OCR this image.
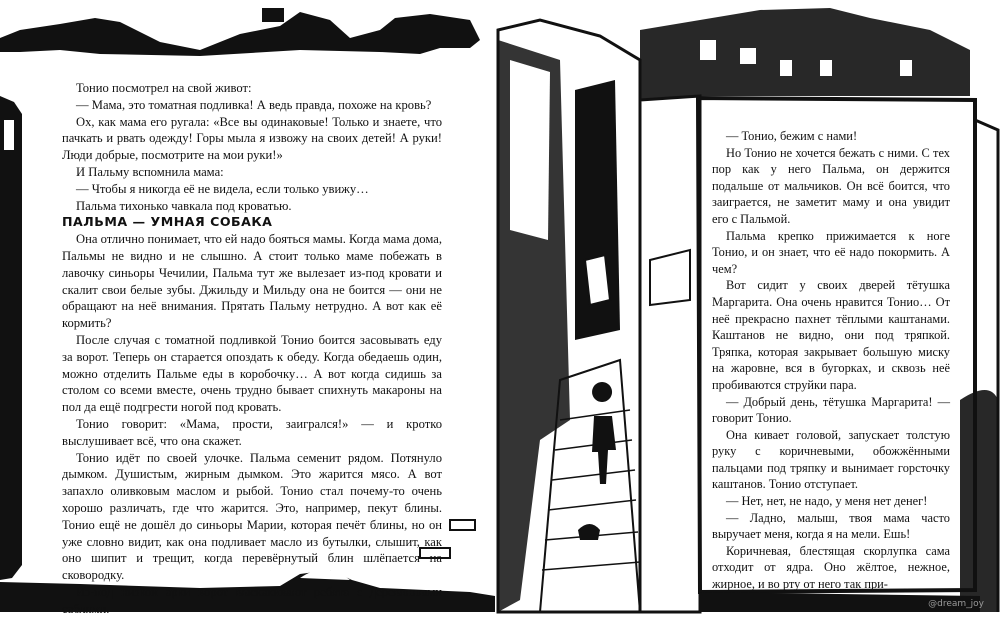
Тонио посмотрел на свой живот:

— Мама, это томатная подливка! А ведь правда, похоже на кровь?

Ох, как мама его ругала: «Все вы одинаковые! Только и знаете, что пачкать и рвать одежду! Горы мыла я извожу на своих детей! А руки! Люди добрые, посмотрите на мои руки!»

И Пальму вспомнила мама:

— Чтобы я никогда её не видела, если только увижу…

Пальма тихонько чавкала под кроватью.

ПАЛЬМА — УМНАЯ СОБАКА

Она отлично понимает, что ей надо бояться мамы. Когда мама дома, Пальмы не видно и не слышно. А стоит только маме побежать в лавочку синьоры Чечилии, Пальма тут же вылезает из-под кровати и скалит свои белые зубы. Джильду и Мильду она не боится — они не обращают на неё внимания. Прятать Пальму нетрудно. А вот как её кормить?

После случая с томатной подливкой Тонио боится засовывать еду за ворот. Теперь он старается опоздать к обеду. Когда обедаешь один, можно отделить Пальме еды в коробочку… А вот когда сидишь за столом со всеми вместе, очень трудно бывает спихнуть макароны на пол да ещё подгрести ногой под кровать.

Тонио говорит: «Мама, прости, заигрался!» — и кротко выслушивает всё, что она скажет.

Тонио идёт по своей улочке. Пальма семенит рядом. Потянуло дымком. Душистым, жирным дымком. Это жарится мясо. А вот запахло оливковым маслом и рыбой. Тонио стал почему-то очень хорошо различать, где что жарится. Это, например, пекут блины. Тонио ещё не дошёл до синьоры Марии, которая печёт блины, но он уже словно видит, как она подливает масло из бутылки, слышит, как оно шипит и трещит, когда перевёрнутый блин шлёпается на сковородку.

Из-под низкой арки ворот выскакивают ребята с деревянными саблями.

— Тонио, бежим с нами!

Но Тонио не хочется бежать с ними. С тех пор как у него Пальма, он держится подальше от мальчиков. Он всё боится, что заиграется, не заметит маму и она увидит его с Пальмой.

Пальма крепко прижимается к ноге Тонио, и он знает, что её надо покормить. А чем?

Вот сидит у своих дверей тётушка Маргарита. Она очень нравится Тонио… От неё прекрасно пахнет тёплыми каштанами. Каштанов не видно, они под тряпкой. Тряпка, которая закрывает большую миску на жаровне, вся в бугорках, и сквозь неё пробиваются струйки пара.

— Добрый день, тётушка Маргарита! — говорит Тонио.

Она кивает головой, запускает толстую руку с коричневыми, обожжёнными пальцами под тряпку и вынимает горсточку каштанов. Тонио отступает.

— Нет, нет, не надо, у меня нет денег!

— Ладно, малыш, твоя мама часто выручает меня, когда я на мели. Ешь!

Коричневая, блестящая скорлупка сама отходит от ядра. Оно жёлтое, нежное, жирное, и во рту от него так при-

@dream_joy
